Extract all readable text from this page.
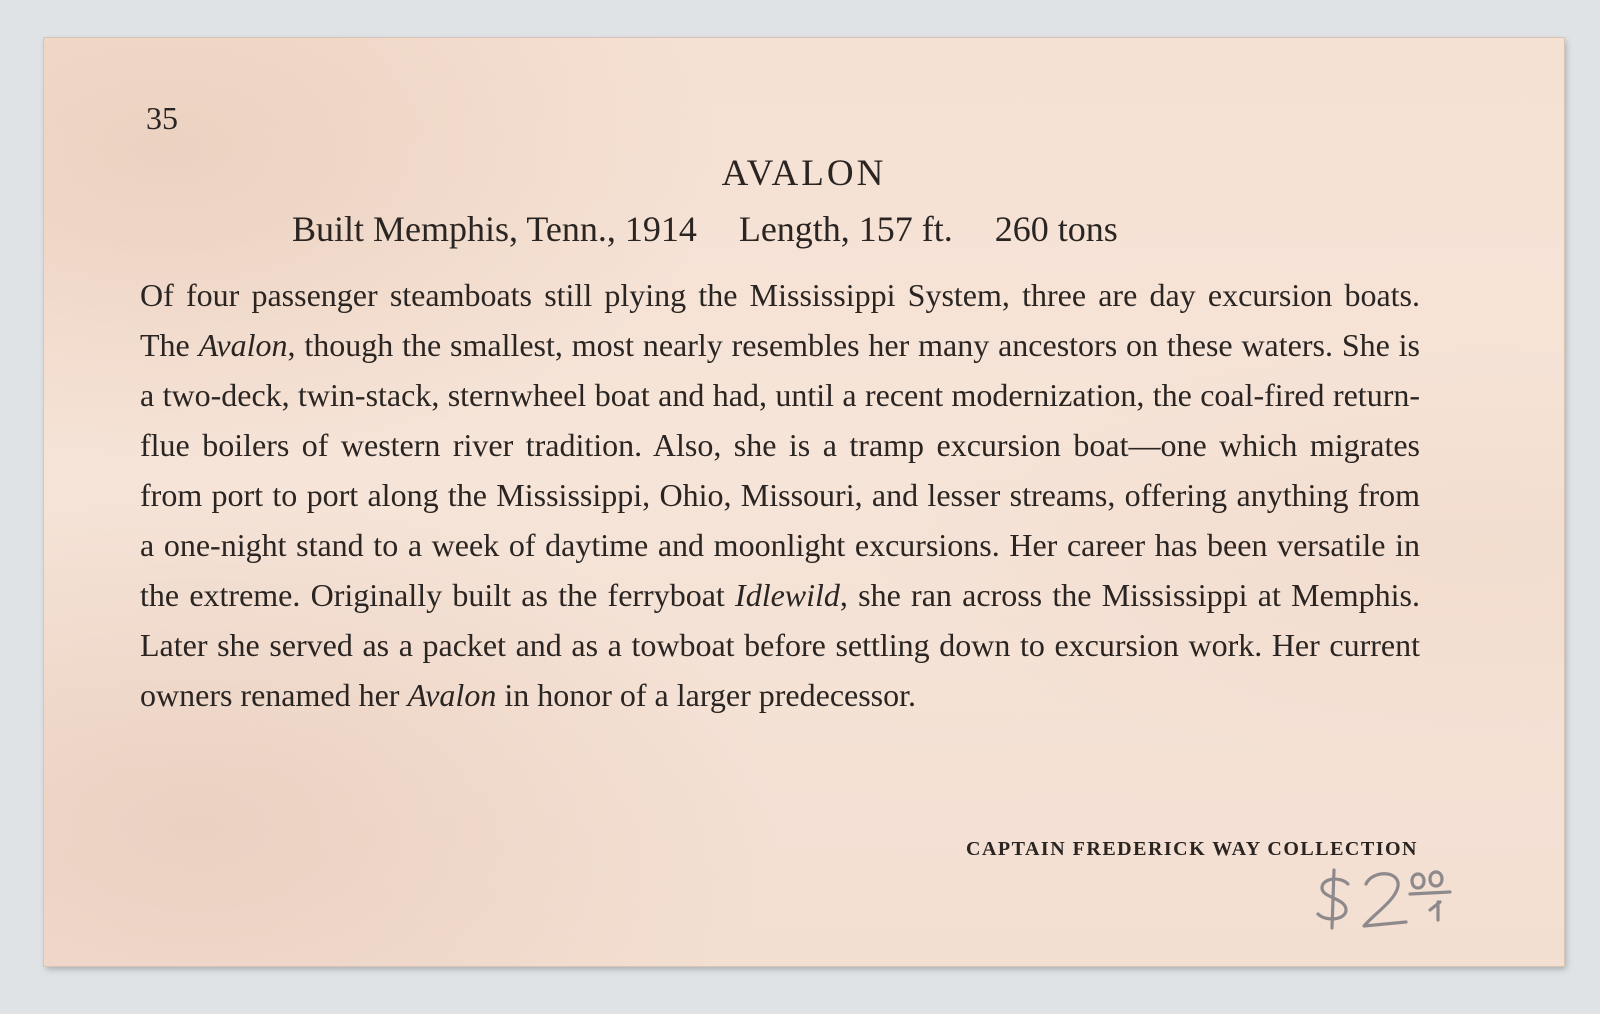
35
AVALON
Built Memphis, Tenn., 1914 Length, 157 ft. 260 tons

Of four passenger steamboats still plying the Mississippi System, three are day excursion boats. The Avalon, though the smallest, most nearly resembles her many ancestors on these waters. She is a two-deck, twin-stack, sternwheel boat and had, until a recent modernization, the coal-fired return-flue boilers of western river tradition. Also, she is a tramp excursion boat—one which migrates from port to port along the Mississippi, Ohio, Missouri, and lesser streams, offering anything from a one-night stand to a week of daytime and moonlight excursions. Her career has been versatile in the extreme. Originally built as the ferryboat Idlewild, she ran across the Mississippi at Memphis. Later she served as a packet and as a towboat before settling down to excursion work. Her current owners renamed her Avalon in honor of a larger predecessor.

CAPTAIN FREDERICK WAY COLLECTION
